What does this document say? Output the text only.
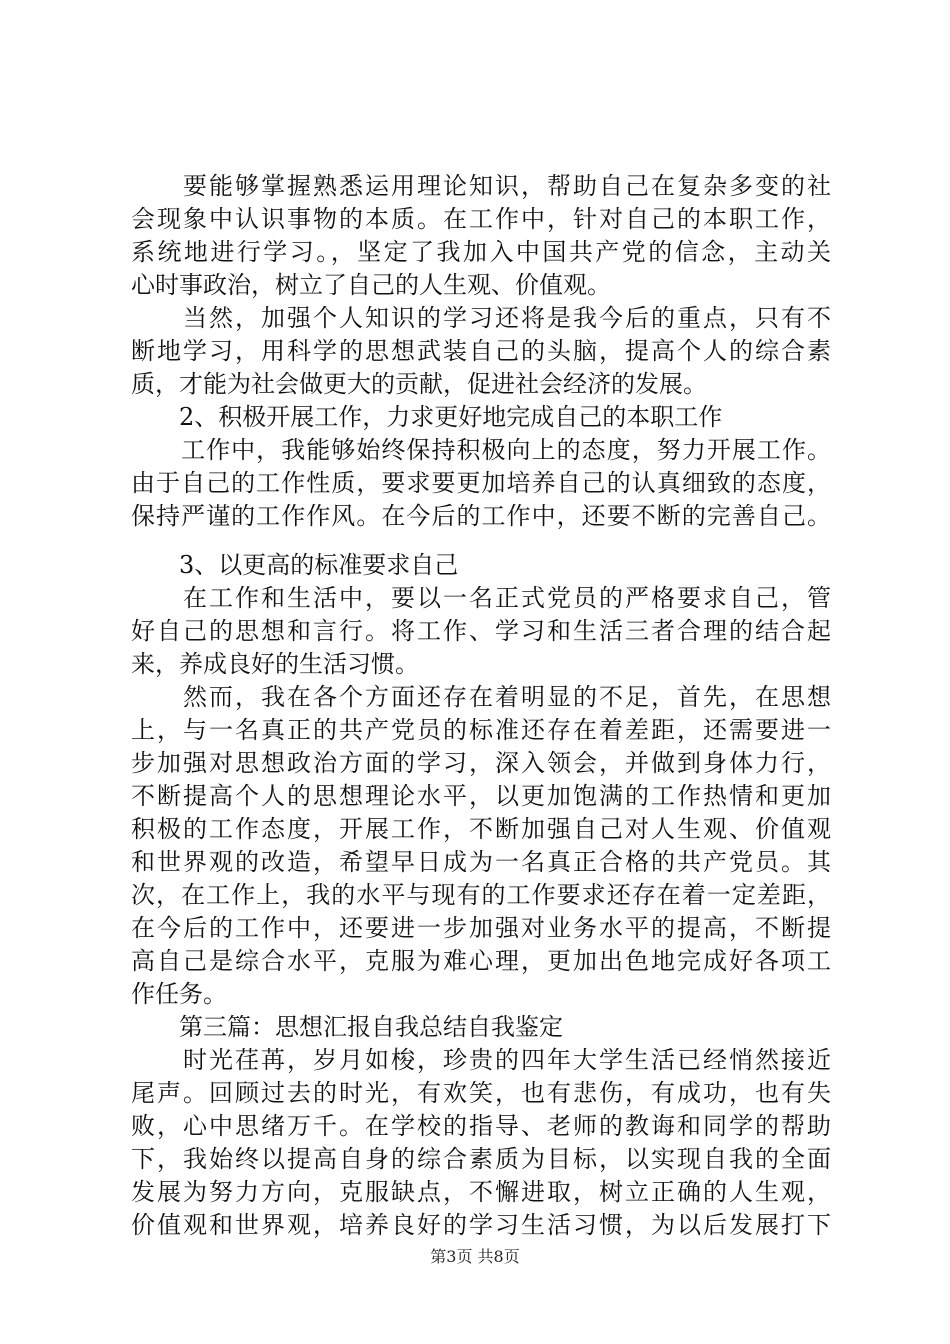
　　要能够掌握熟悉运用理论知识，帮助自己在复杂多变的社
会现象中认识事物的本质。在工作中，针对自己的本职工作，
系统地进行学习。，坚定了我加入中国共产党的信念，主动关
心时事政治，树立了自己的人生观、价值观。
　　当然，加强个人知识的学习还将是我今后的重点，只有不
断地学习，用科学的思想武装自己的头脑，提高个人的综合素
质，才能为社会做更大的贡献，促进社会经济的发展。
　　2、积极开展工作，力求更好地完成自己的本职工作
　　工作中，我能够始终保持积极向上的态度，努力开展工作。
由于自己的工作性质，要求要更加培养自己的认真细致的态度，
保持严谨的工作作风。在今后的工作中，还要不断的完善自己。
　　3、以更高的标准要求自己
　　在工作和生活中，要以一名正式党员的严格要求自己，管
好自己的思想和言行。将工作、学习和生活三者合理的结合起
来，养成良好的生活习惯。
　　然而，我在各个方面还存在着明显的不足，首先，在思想
上，与一名真正的共产党员的标准还存在着差距，还需要进一
步加强对思想政治方面的学习，深入领会，并做到身体力行，
不断提高个人的思想理论水平，以更加饱满的工作热情和更加
积极的工作态度，开展工作，不断加强自己对人生观、价值观
和世界观的改造，希望早日成为一名真正合格的共产党员。其
次，在工作上，我的水平与现有的工作要求还存在着一定差距，
在今后的工作中，还要进一步加强对业务水平的提高，不断提
高自己是综合水平，克服为难心理，更加出色地完成好各项工
作任务。
　　第三篇：思想汇报自我总结自我鉴定
　　时光荏苒，岁月如梭，珍贵的四年大学生活已经悄然接近
尾声。回顾过去的时光，有欢笑，也有悲伤，有成功，也有失
败，心中思绪万千。在学校的指导、老师的教诲和同学的帮助
下，我始终以提高自身的综合素质为目标，以实现自我的全面
发展为努力方向，克服缺点，不懈进取，树立正确的人生观，
价值观和世界观，培养良好的学习生活习惯，为以后发展打下
第3页 共8页
